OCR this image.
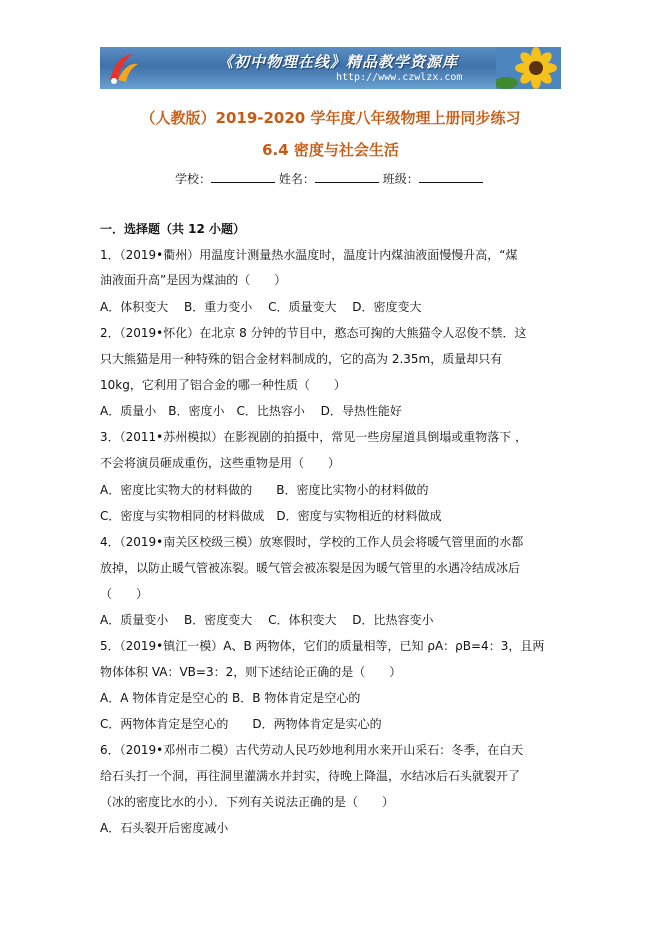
《初中物理在线》精品教学资源库
http://www.czwlzx.com
（人教版）2019-2020 学年度八年级物理上册同步练习
6.4 密度与社会生活
学校：	姓名：	班级：
一．选择题（共 12 小题）
1．（2019•衢州）用温度计测量热水温度时，温度计内煤油液面慢慢升高，“煤
油液面升高”是因为煤油的（　　）
A．体积变大　 B．重力变小　 C．质量变大　 D．密度变大
2．（2019•怀化）在北京 8 分钟的节目中，憨态可掬的大熊猫令人忍俊不禁．这
只大熊猫是用一种特殊的铝合金材料制成的，它的高为 2.35m，质量却只有
10kg，它利用了铝合金的哪一种性质（　　）
A．质量小　B．密度小　C．比热容小　 D．导热性能好
3．（2011•苏州模拟）在影视剧的拍摄中，常见一些房屋道具倒塌或重物落下 ，
不会将演员砸成重伤，这些重物是用（　　）
A．密度比实物大的材料做的　　B．密度比实物小的材料做的
C．密度与实物相同的材料做成　D．密度与实物相近的材料做成
4．（2019•南关区校级三模）放寒假时，学校的工作人员会将暖气管里面的水都
放掉，以防止暖气管被冻裂。暖气管会被冻裂是因为暖气管里的水遇冷结成冰后
（　　）
A．质量变小　 B．密度变大　 C．体积变大　 D．比热容变小
5．（2019•镇江一模）A、B 两物体，它们的质量相等，已知 ρA：ρB=4：3，且两
物体体积 VA：VB=3：2，则下述结论正确的是（　　）
A．A 物体肯定是空心的 B．B 物体肯定是空心的
C．两物体肯定是空心的　　D．两物体肯定是实心的
6．（2019•邓州市二模）古代劳动人民巧妙地利用水来开山采石：冬季，在白天
给石头打一个洞，再往洞里灌满水并封实，待晚上降温，水结冰后石头就裂开了
（冰的密度比水的小）．下列有关说法正确的是（　　）
A．石头裂开后密度减小
